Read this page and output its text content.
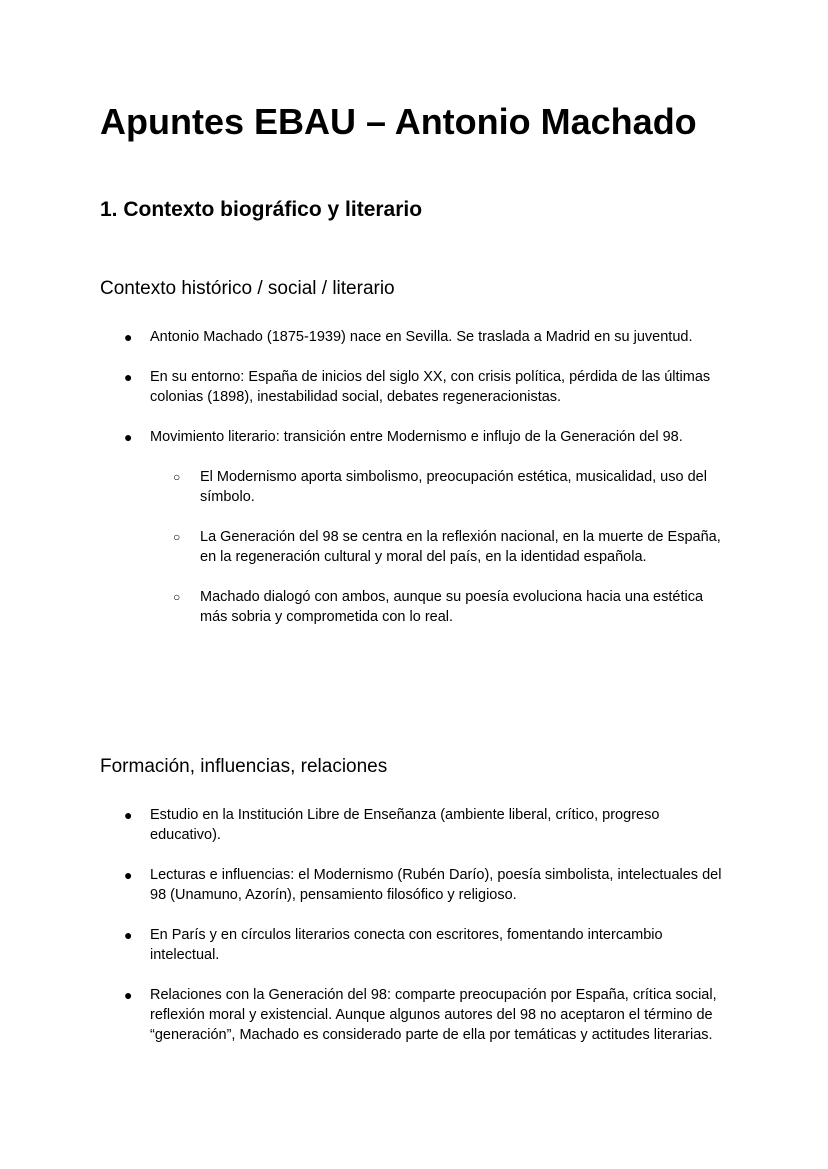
Apuntes EBAU – Antonio Machado
1. Contexto biográfico y literario
Contexto histórico / social / literario
● Antonio Machado (1875-1939) nace en Sevilla. Se traslada a Madrid en su juventud.
● En su entorno: España de inicios del siglo XX, con crisis política, pérdida de las últimas colonias (1898), inestabilidad social, debates regeneracionistas.
● Movimiento literario: transición entre Modernismo e influjo de la Generación del 98.
○ El Modernismo aporta simbolismo, preocupación estética, musicalidad, uso del símbolo.
○ La Generación del 98 se centra en la reflexión nacional, en la muerte de España, en la regeneración cultural y moral del país, en la identidad española.
○ Machado dialogó con ambos, aunque su poesía evoluciona hacia una estética más sobria y comprometida con lo real.
Formación, influencias, relaciones
● Estudio en la Institución Libre de Enseñanza (ambiente liberal, crítico, progreso educativo).
● Lecturas e influencias: el Modernismo (Rubén Darío), poesía simbolista, intelectuales del 98 (Unamuno, Azorín), pensamiento filosófico y religioso.
● En París y en círculos literarios conecta con escritores, fomentando intercambio intelectual.
● Relaciones con la Generación del 98: comparte preocupación por España, crítica social, reflexión moral y existencial. Aunque algunos autores del 98 no aceptaron el término de “generación”, Machado es considerado parte de ella por temáticas y actitudes literarias.
